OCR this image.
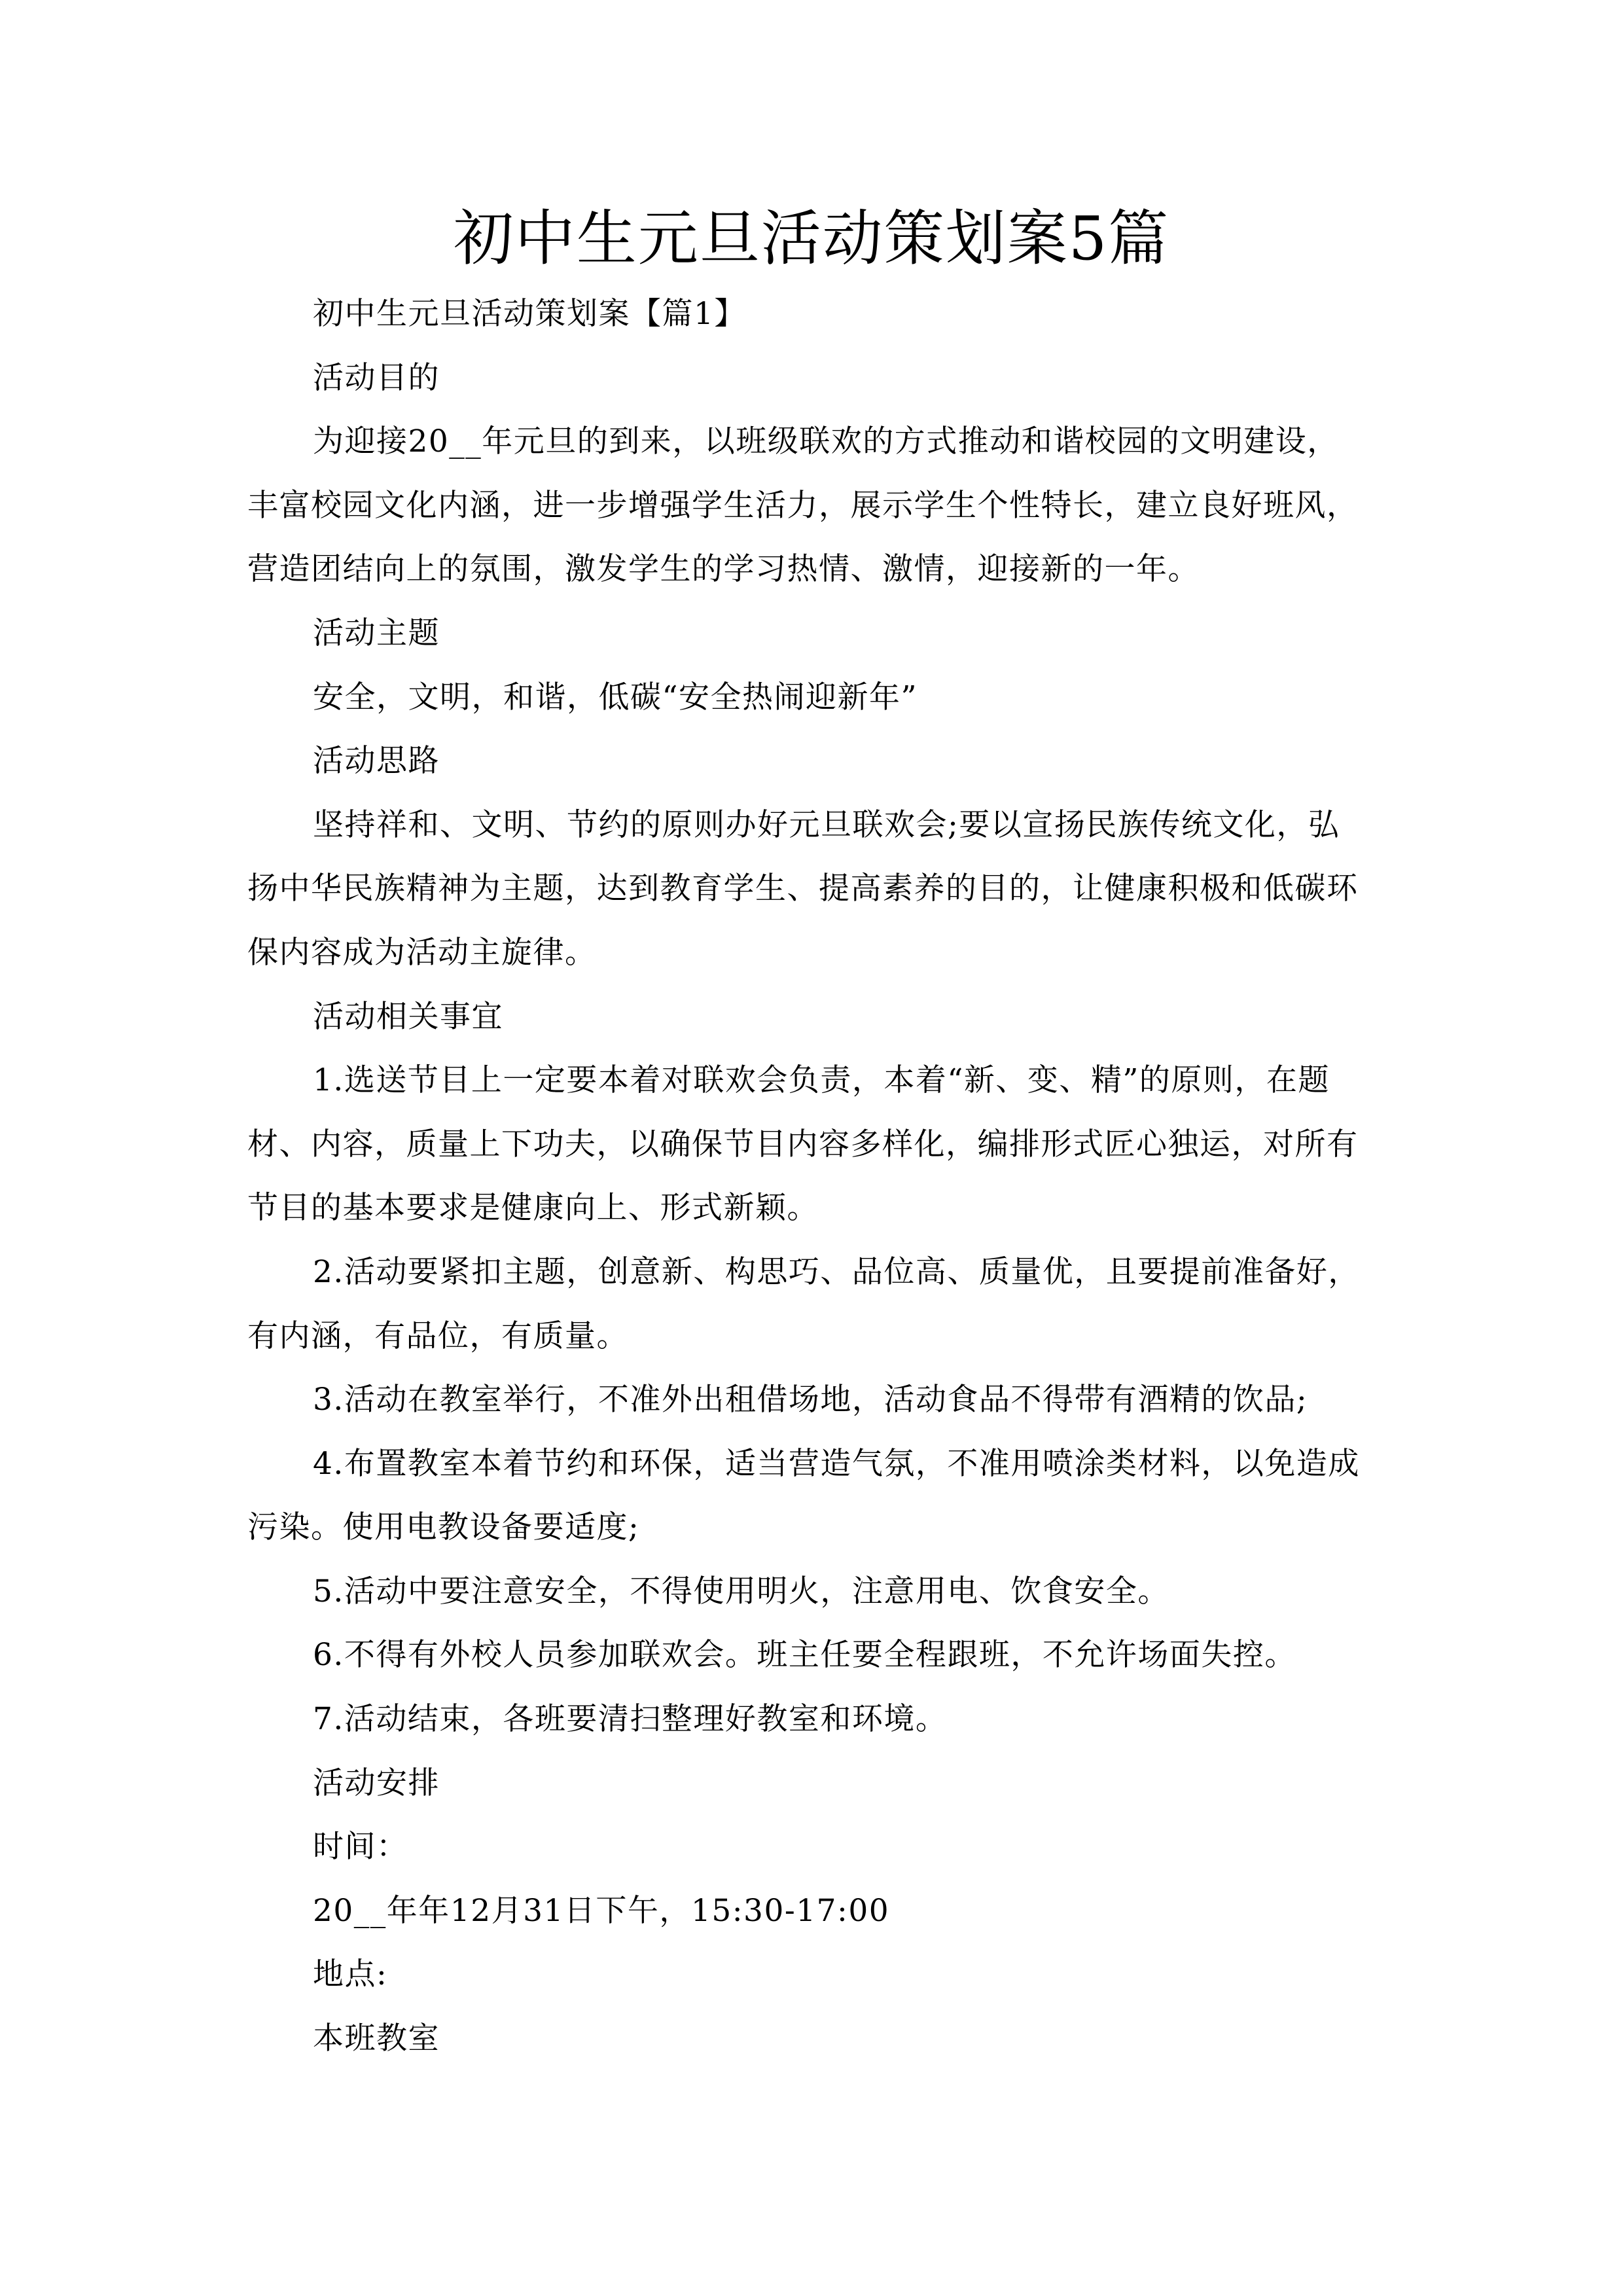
初中生元旦活动策划案5篇
初中生元旦活动策划案【篇1】
活动目的
为迎接20__年元旦的到来，以班级联欢的方式推动和谐校园的文明建设，
丰富校园文化内涵，进一步增强学生活力，展示学生个性特长，建立良好班风，
营造团结向上的氛围，激发学生的学习热情、激情，迎接新的一年。
活动主题
安全，文明，和谐，低碳“安全热闹迎新年”
活动思路
坚持祥和、文明、节约的原则办好元旦联欢会;要以宣扬民族传统文化，弘
扬中华民族精神为主题，达到教育学生、提高素养的目的，让健康积极和低碳环
保内容成为活动主旋律。
活动相关事宜
1.选送节目上一定要本着对联欢会负责，本着“新、变、精”的原则，在题
材、内容，质量上下功夫，以确保节目内容多样化，编排形式匠心独运，对所有
节目的基本要求是健康向上、形式新颖。
2.活动要紧扣主题，创意新、构思巧、品位高、质量优，且要提前准备好，
有内涵，有品位，有质量。
3.活动在教室举行，不准外出租借场地，活动食品不得带有酒精的饮品;
4.布置教室本着节约和环保，适当营造气氛，不准用喷涂类材料，以免造成
污染。使用电教设备要适度;
5.活动中要注意安全，不得使用明火，注意用电、饮食安全。
6.不得有外校人员参加联欢会。班主任要全程跟班，不允许场面失控。
7.活动结束，各班要清扫整理好教室和环境。
活动安排
时间：
20__年年12月31日下午，15:30-17:00
地点:
本班教室
